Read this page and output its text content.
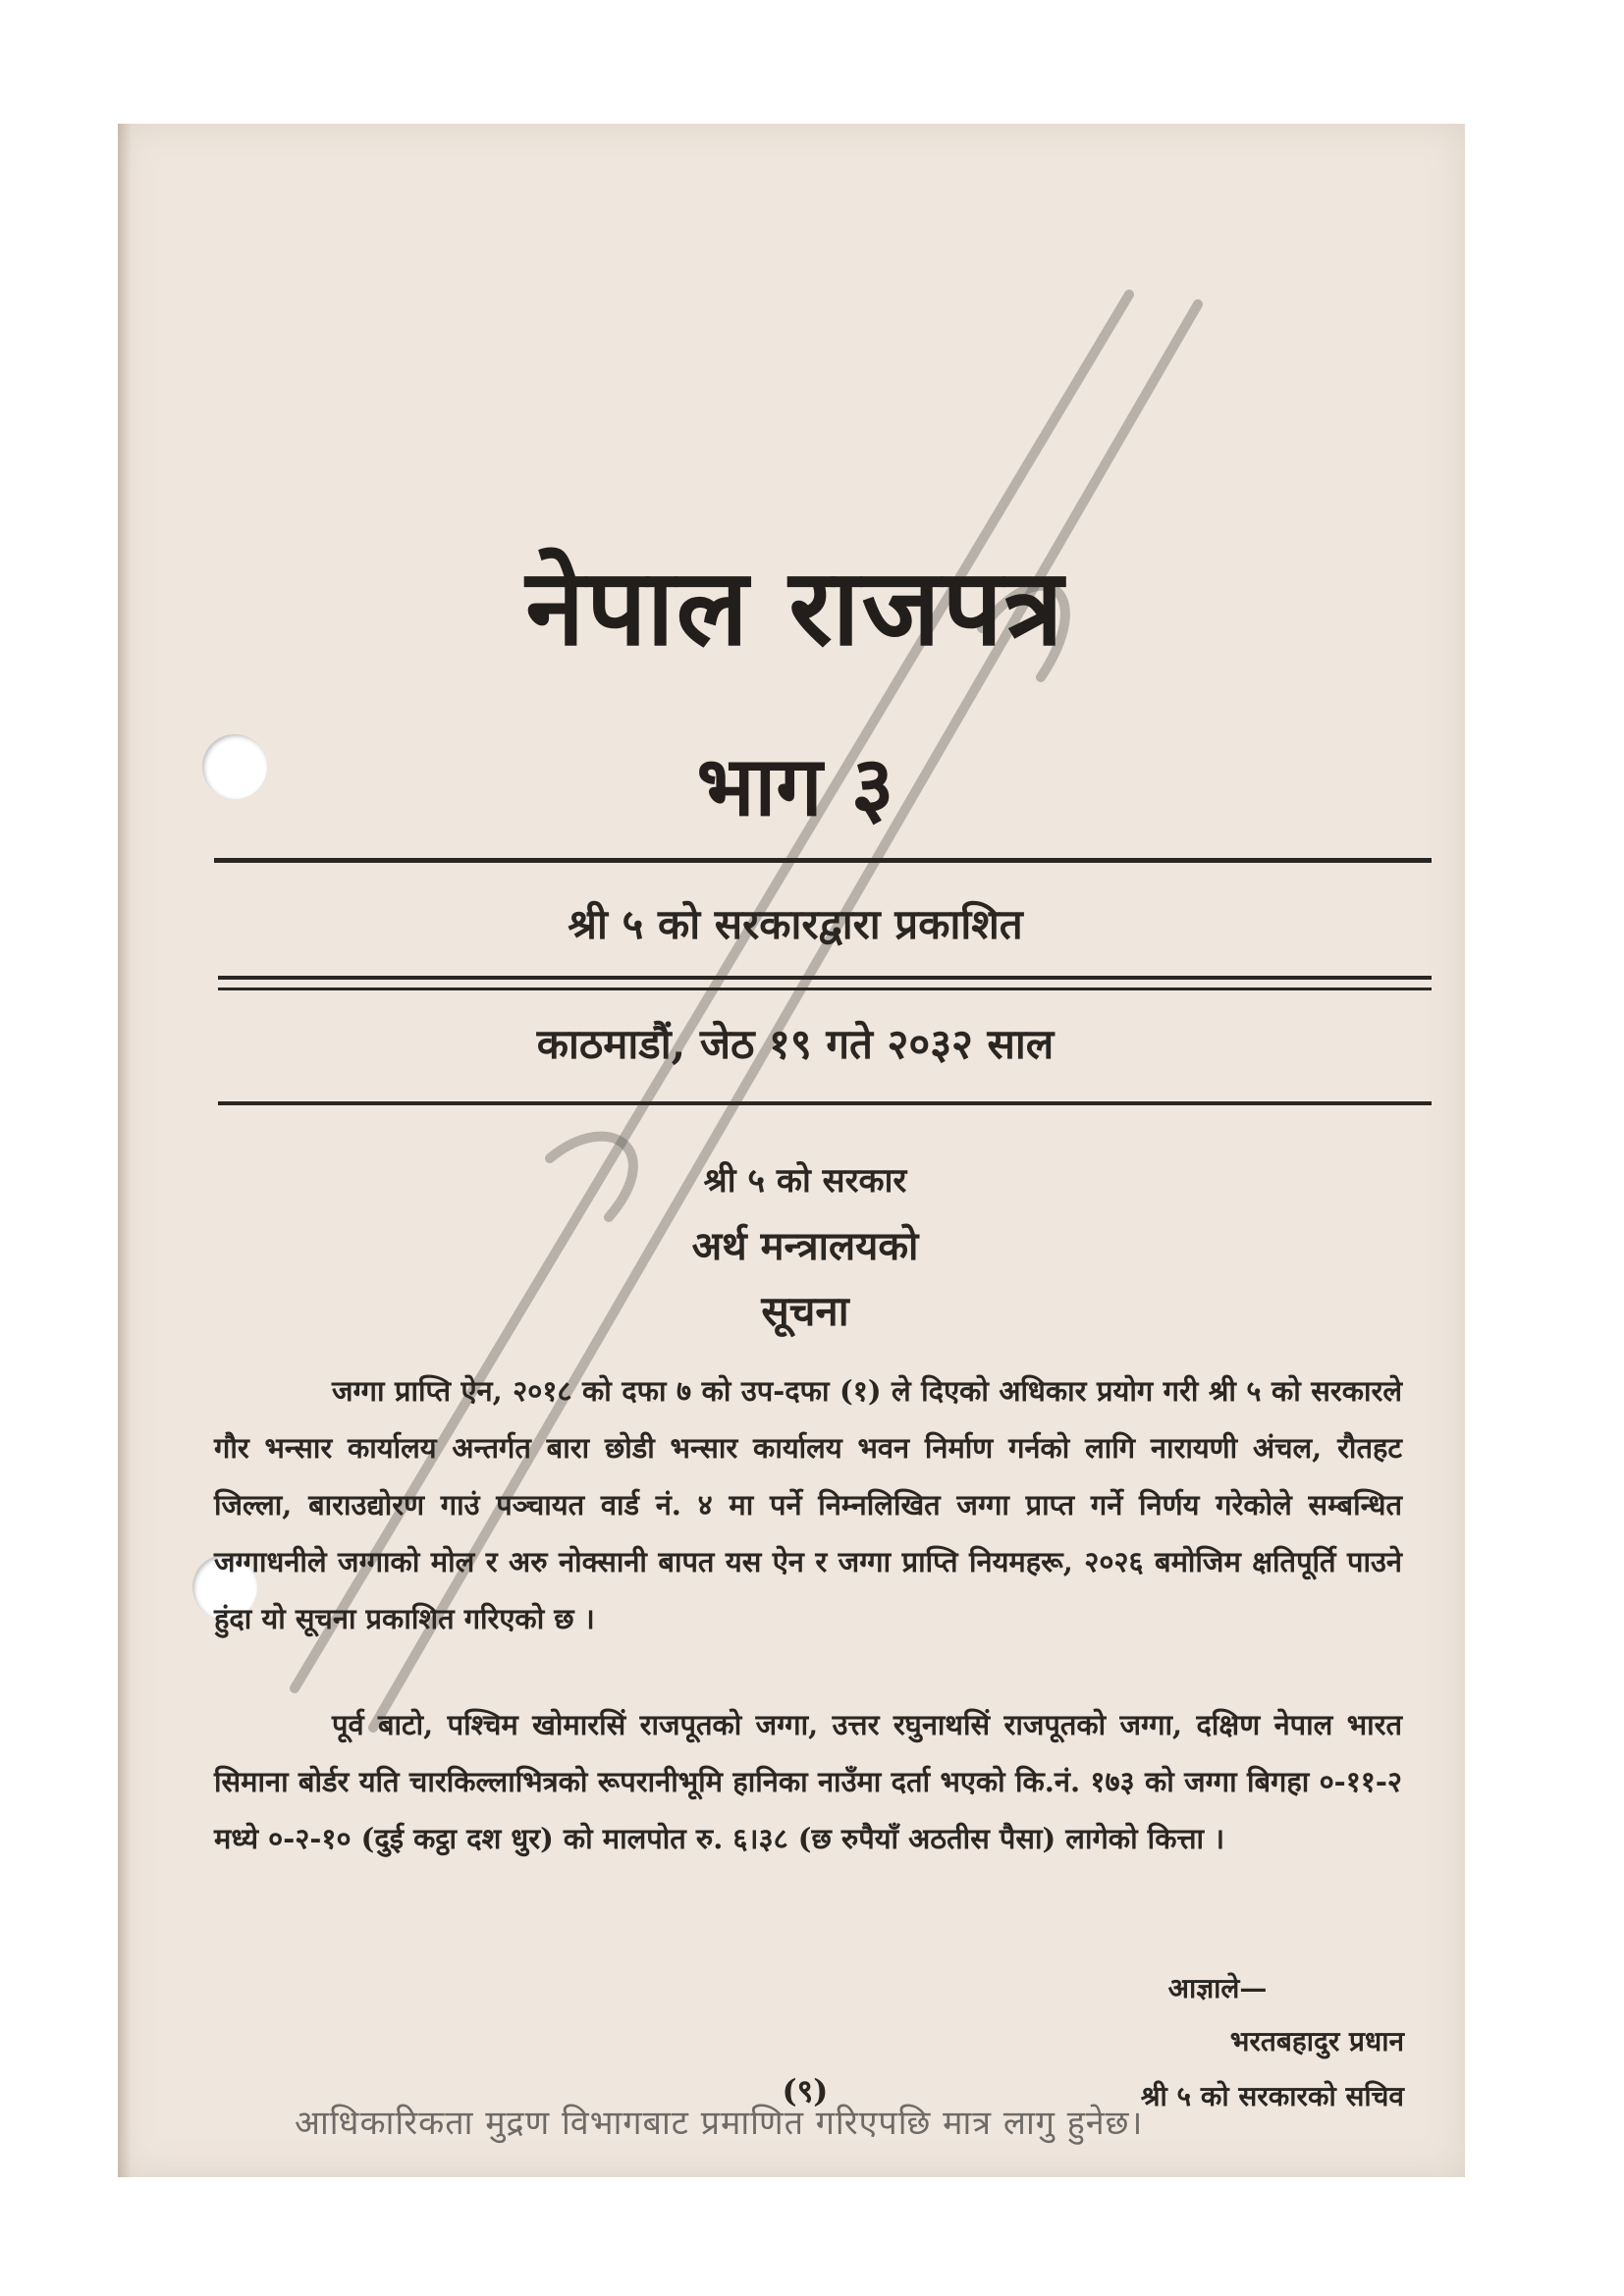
नेपाल राजपत्र
भाग ३
श्री ५ को सरकारद्वारा प्रकाशित
काठमाडौं, जेठ १९ गते २०३२ साल
श्री ५ को सरकार
अर्थ मन्त्रालयको
सूचना
जग्गा प्राप्ति ऐन, २०१८ को दफा ७ को उप-दफा (१) ले दिएको अधिकार प्रयोग गरी श्री ५ को सरकारले गौर भन्सार कार्यालय अन्तर्गत बारा छोडी भन्सार कार्यालय भवन निर्माण गर्नको लागि नारायणी अंचल, रौतहट जिल्ला, बाराउद्योरण गाउं पञ्चायत वार्ड नं. ४ मा पर्ने निम्नलिखित जग्गा प्राप्त गर्ने निर्णय गरेकोले सम्बन्धित जग्गाधनीले जग्गाको मोल र अरु नोक्सानी बापत यस ऐन र जग्गा प्राप्ति नियमहरू, २०२६ बमोजिम क्षतिपूर्ति पाउने हुंदा यो सूचना प्रकाशित गरिएको छ ।
पूर्व बाटो, पश्चिम खोमारसिं राजपूतको जग्गा, उत्तर रघुनाथसिं राजपूतको जग्गा, दक्षिण नेपाल भारत सिमाना बोर्डर यति चारकिल्लाभित्रको रूपरानीभूमि हानिका नाउँमा दर्ता भएको कि.नं. १७३ को जग्गा बिगहा ०-११-२ मध्ये ०-२-१० (दुई कट्ठा दश धुर) को मालपोत रु. ६।३८ (छ रुपैयाँ अठतीस पैसा) लागेको कित्ता ।
आज्ञाले—
भरतबहादुर प्रधान
श्री ५ को सरकारको सचिव
(९)
आधिकारिकता मुद्रण विभागबाट प्रमाणित गरिएपछि मात्र लागु हुनेछ।
